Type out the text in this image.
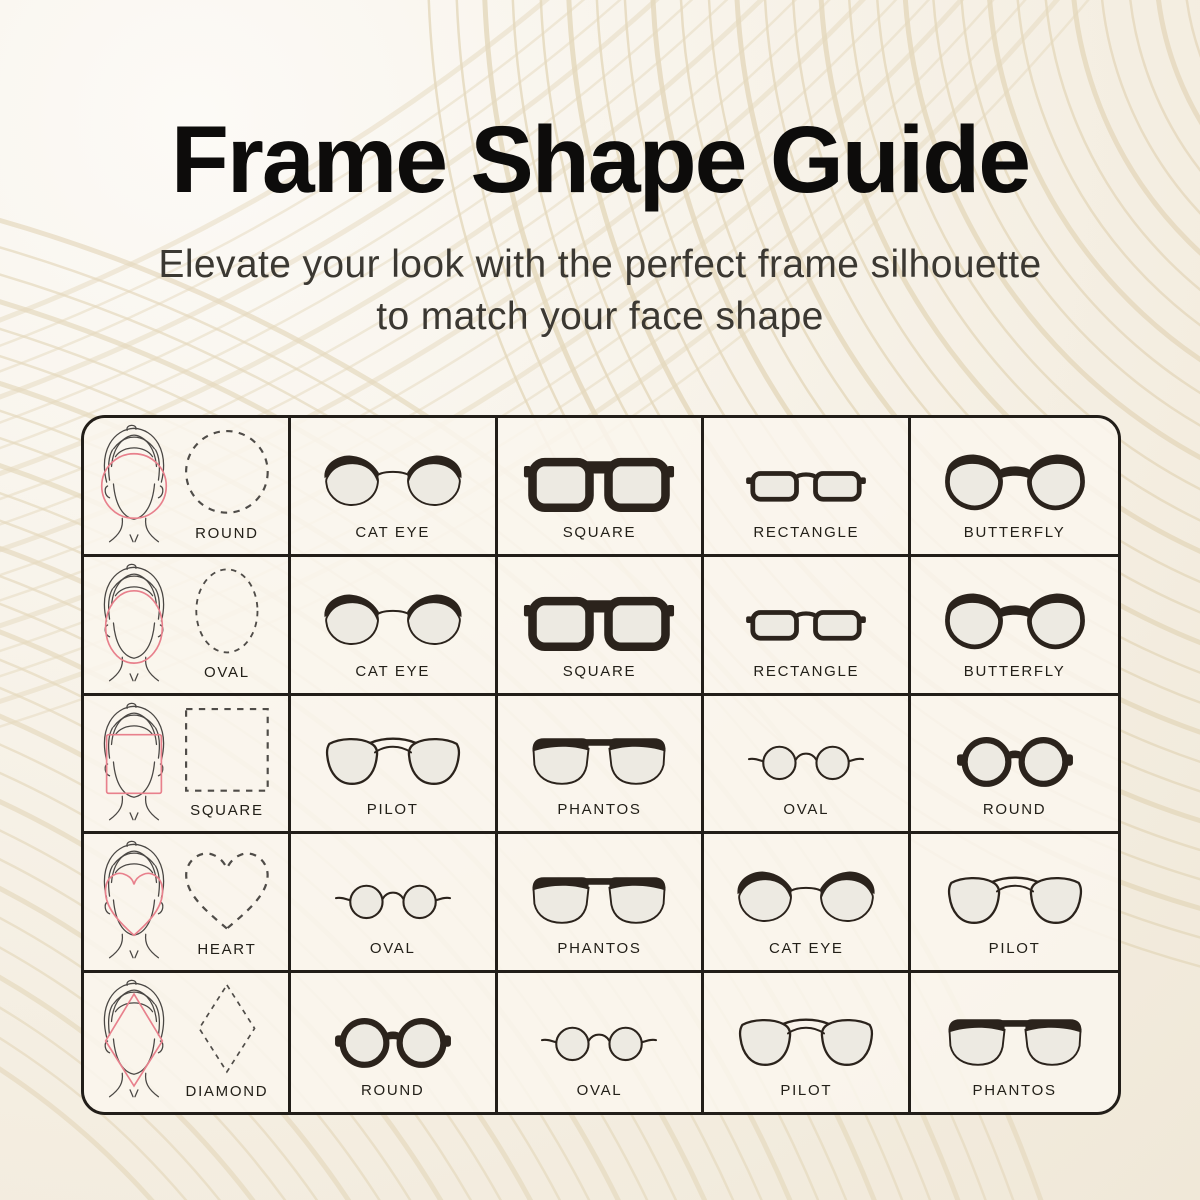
Frame Shape Guide
Elevate your look with the perfect frame silhouette
to match your face shape
ROUND	CAT EYE	SQUARE	RECTANGLE	BUTTERFLY
OVAL	CAT EYE	SQUARE	RECTANGLE	BUTTERFLY
SQUARE	PILOT	PHANTOS	OVAL	ROUND
HEART	OVAL	PHANTOS	CAT EYE	PILOT
DIAMOND	ROUND	OVAL	PILOT	PHANTOS
